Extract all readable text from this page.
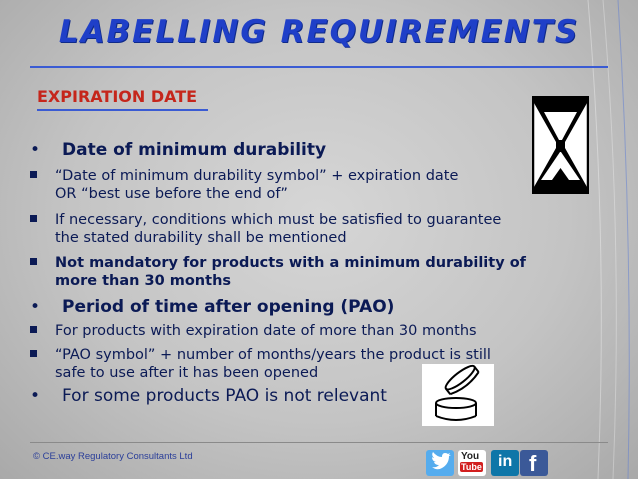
LABELLING REQUIREMENTS
EXPIRATION DATE
• Date of minimum durability
“Date of minimum durability symbol” + expiration date
OR “best use before the end of”
If necessary, conditions which must be satisfied to guarantee
the stated durability shall be mentioned
Not mandatory for products with a minimum durability of
more than 30 months
• Period of time after opening (PAO)
For products with expiration date of more than 30 months
“PAO symbol” + number of months/years the product is still
safe to use after it has been opened
• For some products PAO is not relevant
© CE.way Regulatory Consultants Ltd	You
Tube in f
